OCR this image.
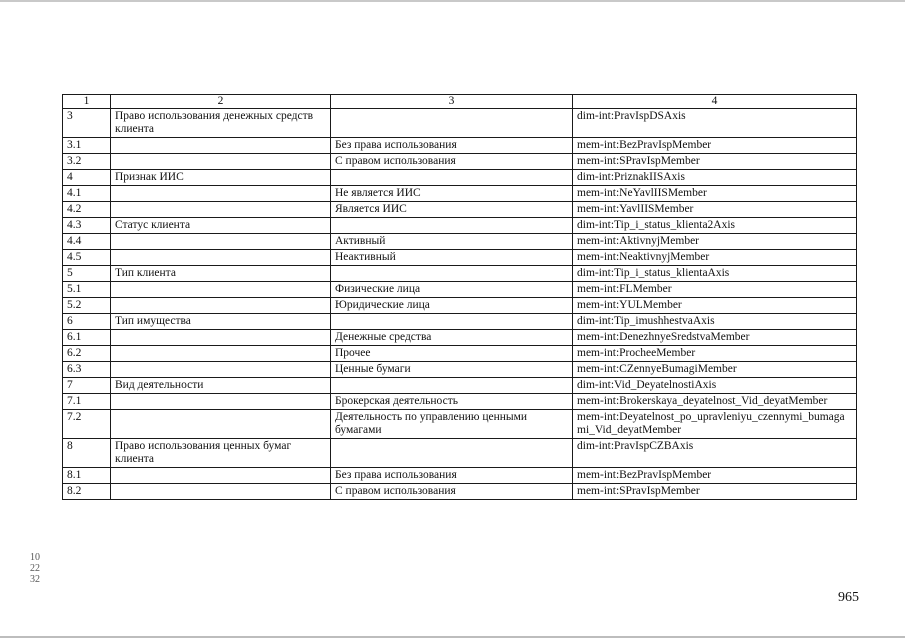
1	2	3	4
3	Право использования денежных средств клиента		dim-int:PravIspDSAxis
3.1		Без права использования	mem-int:BezPravIspMember
3.2		С правом использования	mem-int:SPravIspMember
4	Признак ИИС		dim-int:PriznakIISAxis
4.1		Не является ИИС	mem-int:NeYavlIISMember
4.2		Является ИИС	mem-int:YavlIISMember
4.3	Статус клиента		dim-int:Tip_i_status_klienta2Axis
4.4		Активный	mem-int:AktivnyjMember
4.5		Неактивный	mem-int:NeaktivnyjMember
5	Тип клиента		dim-int:Tip_i_status_klientaAxis
5.1		Физические лица	mem-int:FLMember
5.2		Юридические лица	mem-int:YULMember
6	Тип имущества		dim-int:Tip_imushhestvaAxis
6.1		Денежные средства	mem-int:DenezhnyeSredstvaMember
6.2		Прочее	mem-int:ProcheeMember
6.3		Ценные бумаги	mem-int:CZennyeBumagiMember
7	Вид деятельности		dim-int:Vid_DeyatelnostiAxis
7.1		Брокерская деятельность	mem-int:Brokerskaya_deyatelnost_Vid_deyatMember
7.2		Деятельность по управлению ценными бумагами	mem-int:Deyatelnost_po_upravleniyu_czennymi_bumagami_Vid_deyatMember
8	Право использования ценных бумаг клиента		dim-int:PravIspCZBAxis
8.1		Без права использования	mem-int:BezPravIspMember
8.2		С правом использования	mem-int:SPravIspMember
10
22
32
965
